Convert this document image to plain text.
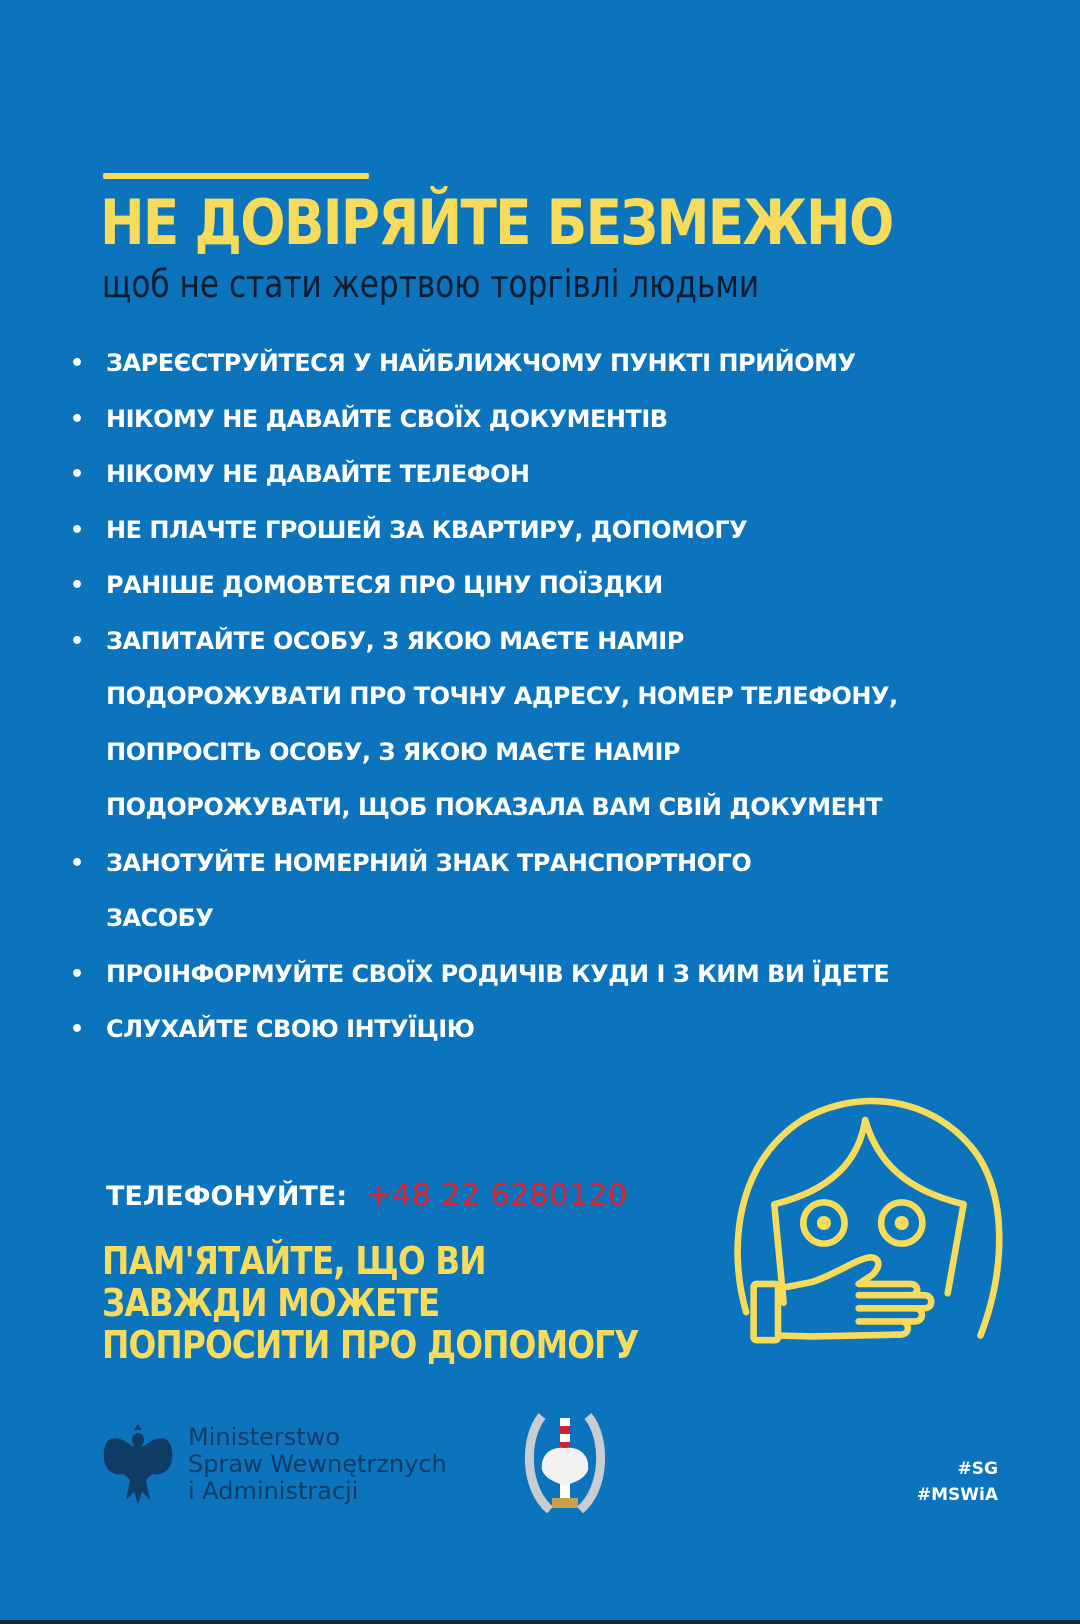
НЕ ДОВІРЯЙТЕ БЕЗМЕЖНО
щоб не стати жертвою торгівлі людьми
• ЗАРЕЄСТРУЙТЕСЯ У НАЙБЛИЖЧОМУ ПУНКТІ ПРИЙОМУ
• НІКОМУ НЕ ДАВАЙТЕ СВОЇХ ДОКУМЕНТІВ
• НІКОМУ НЕ ДАВАЙТЕ ТЕЛЕФОН
• НЕ ПЛАЧТЕ ГРОШЕЙ ЗА КВАРТИРУ, ДОПОМОГУ
• РАНІШЕ ДОМОВТЕСЯ ПРО ЦІНУ ПОЇЗДКИ
• ЗАПИТАЙТЕ ОСОБУ, З ЯКОЮ МАЄТЕ НАМІР ПОДОРОЖУВАТИ ПРО ТОЧНУ АДРЕСУ, НОМЕР ТЕЛЕФОНУ, ПОПРОСІТЬ ОСОБУ, З ЯКОЮ МАЄТЕ НАМІР ПОДОРОЖУВАТИ, ЩОБ ПОКАЗАЛА ВАМ СВІЙ ДОКУМЕНТ
• ЗАНОТУЙТЕ НОМЕРНИЙ ЗНАК ТРАНСПОРТНОГО ЗАСОБУ
• ПРОІНФОРМУЙТЕ СВОЇХ РОДИЧІВ КУДИ І З КИМ ВИ ЇДЕТЕ
• СЛУХАЙТЕ СВОЮ ІНТУЇЦІЮ
ТЕЛЕФОНУЙТЕ: +48 22 6280120
ПАМ'ЯТАЙТЕ, ЩО ВИ ЗАВЖДИ МОЖЕТЕ ПОПРОСИТИ ПРО ДОПОМОГУ
Ministerstwo
Spraw Wewnętrznych
i Administracji
#SG
#MSWiA
